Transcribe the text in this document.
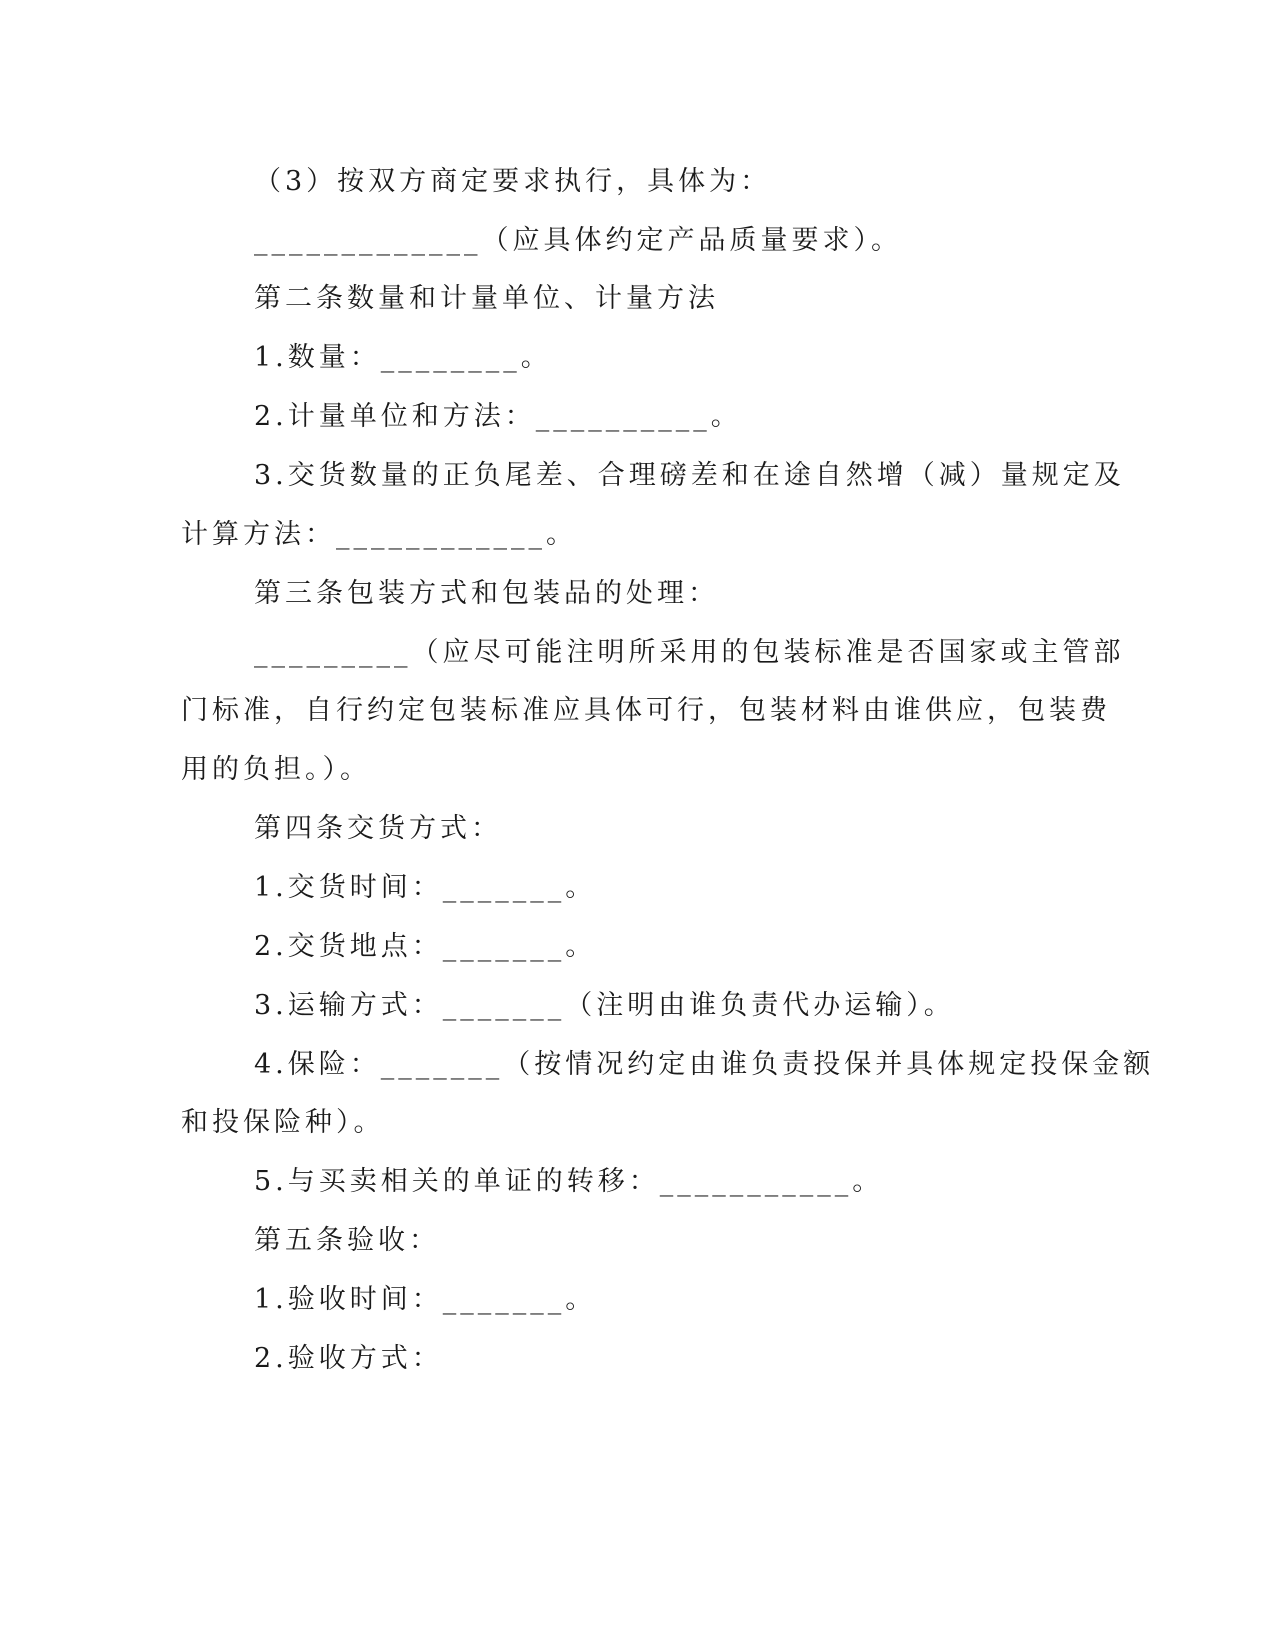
（3）按双方商定要求执行，具体为：
_____________（应具体约定产品质量要求）。
第二条数量和计量单位、计量方法
1.数量：________。
2.计量单位和方法：__________。
3.交货数量的正负尾差、合理磅差和在途自然增（减）量规定及
计算方法：____________。
第三条包装方式和包装品的处理：
_________（应尽可能注明所采用的包装标准是否国家或主管部
门标准，自行约定包装标准应具体可行，包装材料由谁供应，包装费
用的负担。）。
第四条交货方式：
1.交货时间：_______。
2.交货地点：_______。
3.运输方式：_______（注明由谁负责代办运输）。
4.保险：_______（按情况约定由谁负责投保并具体规定投保金额
和投保险种）。
5.与买卖相关的单证的转移：___________。
第五条验收：
1.验收时间：_______。
2.验收方式：
